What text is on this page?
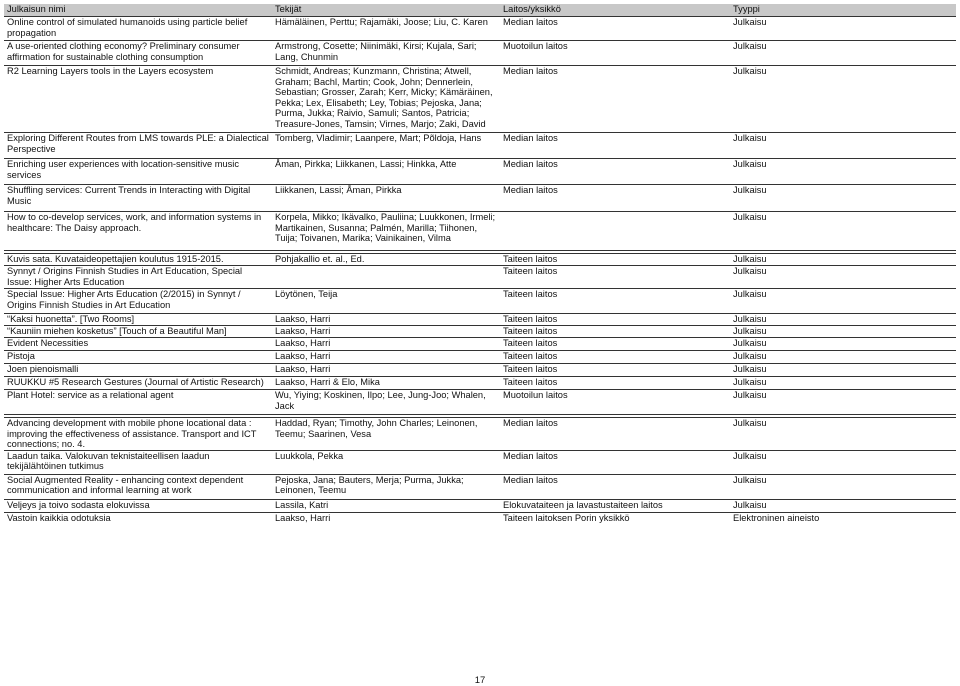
Julkaisun nimi	Tekijät	Laitos/yksikkö	Tyyppi
Online control of simulated humanoids using particle belief propagation	Hämäläinen, Perttu; Rajamäki, Joose; Liu, C. Karen	Median laitos	Julkaisu
A use-oriented clothing economy? Preliminary consumer affirmation for sustainable clothing consumption	Armstrong, Cosette; Niinimäki, Kirsi; Kujala, Sari; Lang, Chunmin	Muotoilun laitos	Julkaisu
R2 Learning Layers tools in the Layers ecosystem	Schmidt, Andreas; Kunzmann, Christina; Atwell, Graham; Bachl, Martin; Cook, John; Dennerlein, Sebastian; Grosser, Zarah; Kerr, Micky; Kämäräinen, Pekka; Lex, Elisabeth; Ley, Tobias; Pejoska, Jana; Purma, Jukka; Raivio, Samuli; Santos, Patricia; Treasure-Jones, Tamsin; Virnes, Marjo; Zaki, David	Median laitos	Julkaisu
Exploring Different Routes from LMS towards PLE: a Dialectical Perspective	Tomberg, Vladimir; Laanpere, Mart; Põldoja, Hans	Median laitos	Julkaisu
Enriching user experiences with location-sensitive music services	Åman, Pirkka; Liikkanen, Lassi; Hinkka, Atte	Median laitos	Julkaisu
Shuffling services: Current Trends in Interacting with Digital Music	Liikkanen, Lassi; Åman, Pirkka	Median laitos	Julkaisu
How to co-develop services, work, and information systems in healthcare: The Daisy approach.	Korpela, Mikko; Ikävalko, Pauliina; Luukkonen, Irmeli; Martikainen, Susanna; Palmén, Marilla; Tiihonen, Tuija; Toivanen, Marika; Vainikainen, Vilma		Julkaisu

Kuvis sata. Kuvataideopettajien koulutus 1915-2015.	Pohjakallio et. al., Ed.	Taiteen laitos	Julkaisu
Synnyt / Origins Finnish Studies in Art Education, Special Issue: Higher Arts Education		Taiteen laitos	Julkaisu
Special Issue: Higher Arts Education (2/2015) in Synnyt / Origins Finnish Studies in Art Education	Löytönen, Teija	Taiteen laitos	Julkaisu
“Kaksi huonetta”. [Two Rooms]	Laakso, Harri	Taiteen laitos	Julkaisu
“Kauniin miehen kosketus” [Touch of a Beautiful Man]	Laakso, Harri	Taiteen laitos	Julkaisu
Evident Necessities	Laakso, Harri	Taiteen laitos	Julkaisu
Pistoja	Laakso, Harri	Taiteen laitos	Julkaisu
Joen pienoismalli	Laakso, Harri	Taiteen laitos	Julkaisu
RUUKKU #5 Research Gestures (Journal of Artistic Research)	Laakso, Harri & Elo, Mika	Taiteen laitos	Julkaisu
Plant Hotel: service as a relational agent	Wu, Yiying; Koskinen, Ilpo; Lee, Jung-Joo; Whalen, Jack	Muotoilun laitos	Julkaisu

Advancing development with mobile phone locational data : improving the effectiveness of assistance. Transport and ICT connections; no. 4.	Haddad, Ryan; Timothy, John Charles; Leinonen, Teemu; Saarinen, Vesa	Median laitos	Julkaisu
Laadun taika. Valokuvan teknistaiteellisen laadun tekijälähtöinen tutkimus	Luukkola, Pekka	Median laitos	Julkaisu
Social Augmented Reality - enhancing context dependent communication and informal learning at work	Pejoska, Jana; Bauters, Merja; Purma, Jukka; Leinonen, Teemu	Median laitos	Julkaisu
Veljeys ja toivo sodasta elokuvissa	Lassila, Katri	Elokuvataiteen ja lavastustaiteen laitos	Julkaisu
Vastoin kaikkia odotuksia	Laakso, Harri	Taiteen laitoksen Porin yksikkö	Elektroninen aineisto
17
